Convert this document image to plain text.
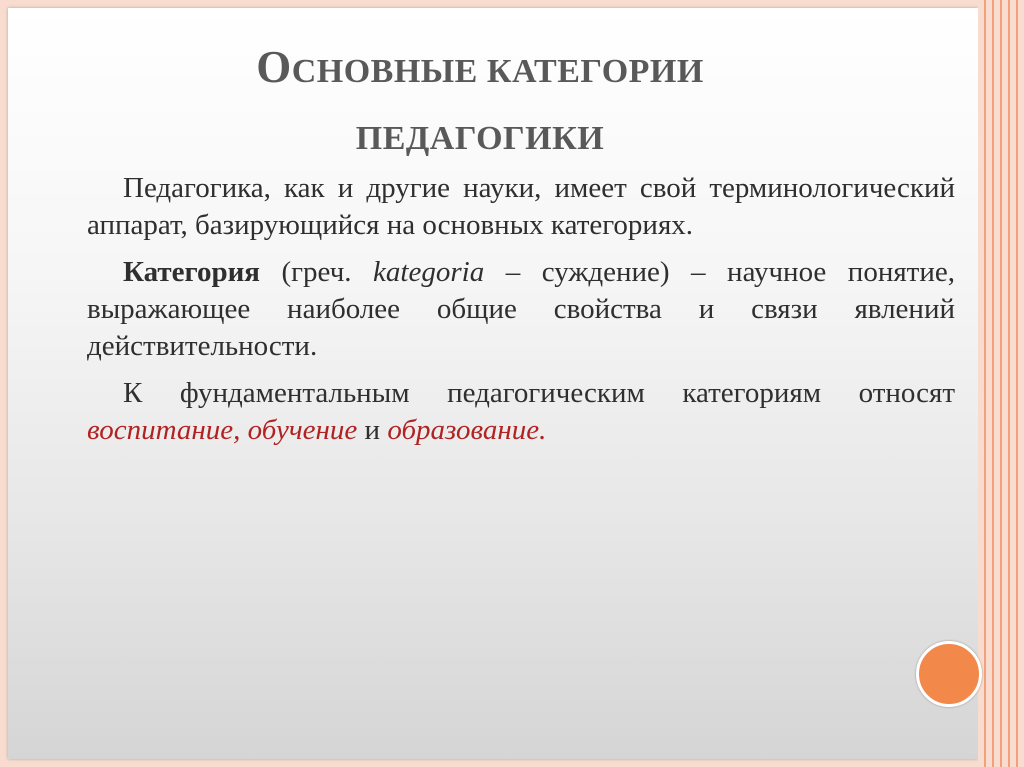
ОСНОВНЫЕ КАТЕГОРИИ
ПЕДАГОГИКИ

Педагогика, как и другие науки, имеет свой терминологический аппарат, базирующийся на основных категориях.

Категория (греч. kategoria – суждение) – научное понятие, выражающее наиболее общие свойства и связи явлений действительности.

К фундаментальным педагогическим категориям относят воспитание, обучение и образование.
